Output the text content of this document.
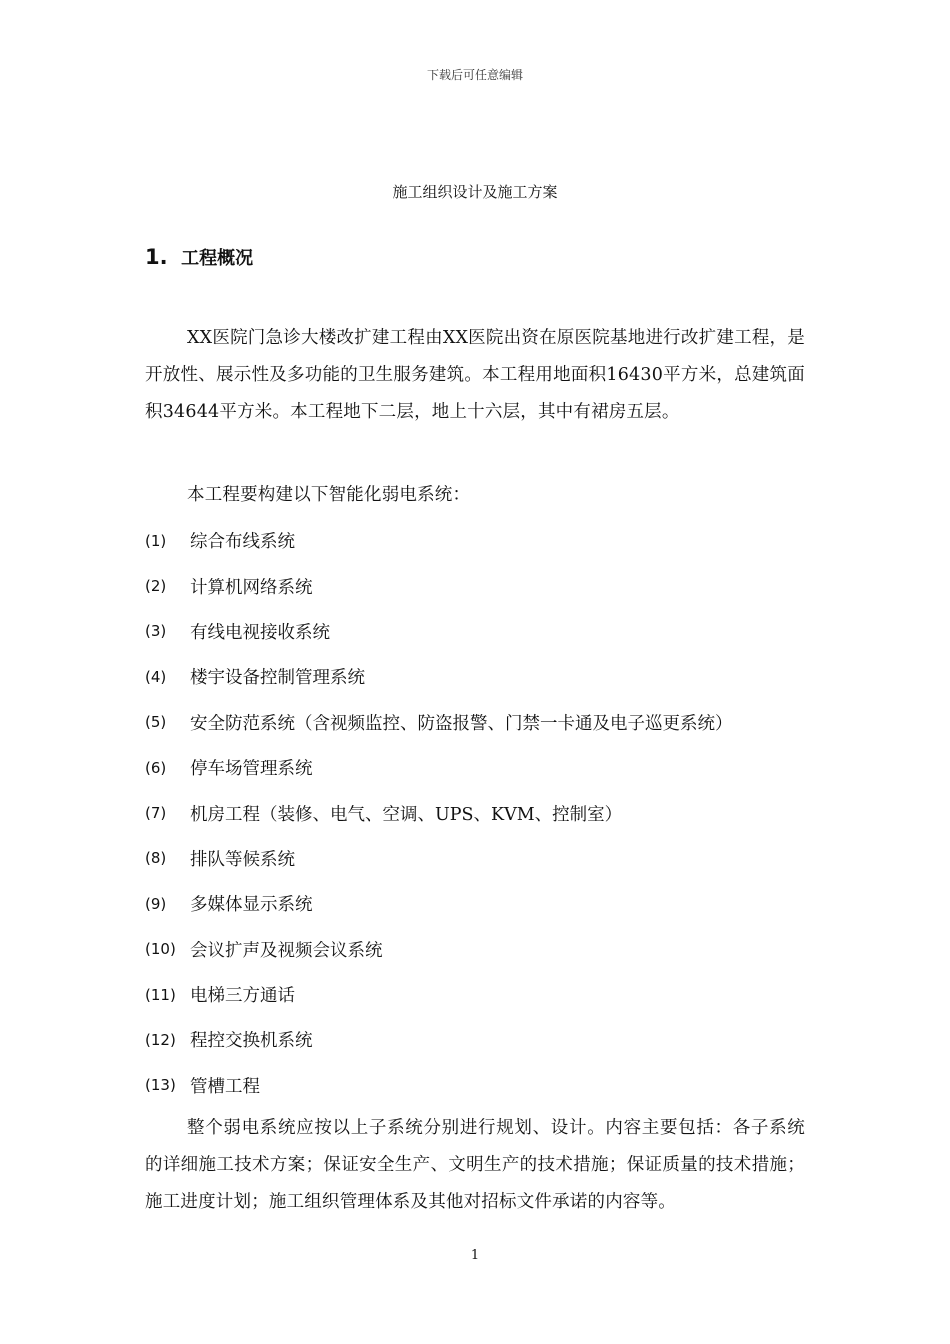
下载后可任意编辑
施工组织设计及施工方案
1. 工程概况
XX医院门急诊大楼改扩建工程由XX医院出资在原医院基地进行改扩建工程，是开放性、展示性及多功能的卫生服务建筑。本工程用地面积16430平方米，总建筑面积34644平方米。本工程地下二层，地上十六层，其中有裙房五层。
本工程要构建以下智能化弱电系统：
(1)	综合布线系统
(2)	计算机网络系统
(3)	有线电视接收系统
(4)	楼宇设备控制管理系统
(5)	安全防范系统（含视频监控、防盗报警、门禁一卡通及电子巡更系统）
(6)	停车场管理系统
(7)	机房工程（装修、电气、空调、UPS、KVM、控制室）
(8)	排队等候系统
(9)	多媒体显示系统
(10) 会议扩声及视频会议系统
(11) 电梯三方通话
(12) 程控交换机系统
(13) 管槽工程
整个弱电系统应按以上子系统分别进行规划、设计。内容主要包括：各子系统的详细施工技术方案；保证安全生产、文明生产的技术措施；保证质量的技术措施；施工进度计划；施工组织管理体系及其他对招标文件承诺的内容等。
1
